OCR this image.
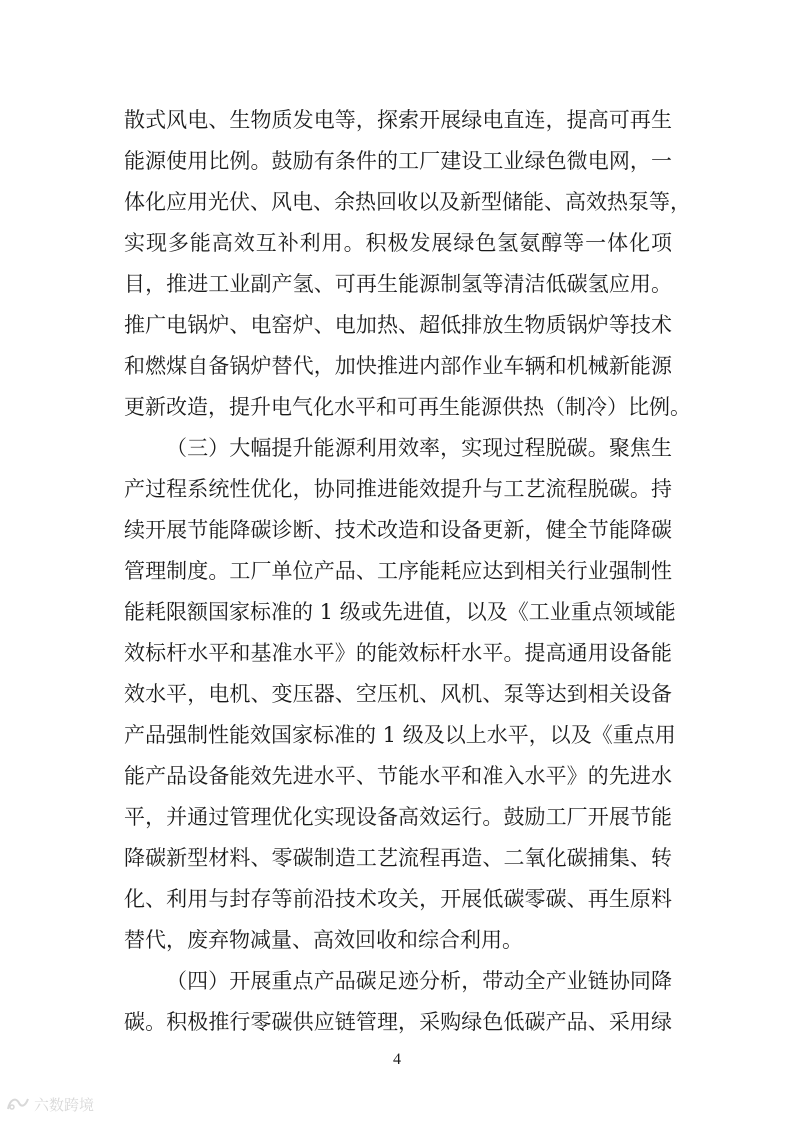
散式风电、生物质发电等，探索开展绿电直连，提高可再生
能源使用比例。鼓励有条件的工厂建设工业绿色微电网，一
体化应用光伏、风电、余热回收以及新型储能、高效热泵等，
实现多能高效互补利用。积极发展绿色氢氨醇等一体化项
目，推进工业副产氢、可再生能源制氢等清洁低碳氢应用。
推广电锅炉、电窑炉、电加热、超低排放生物质锅炉等技术
和燃煤自备锅炉替代，加快推进内部作业车辆和机械新能源
更新改造，提升电气化水平和可再生能源供热（制冷）比例。
（三）大幅提升能源利用效率，实现过程脱碳。聚焦生
产过程系统性优化，协同推进能效提升与工艺流程脱碳。持
续开展节能降碳诊断、技术改造和设备更新，健全节能降碳
管理制度。工厂单位产品、工序能耗应达到相关行业强制性
能耗限额国家标准的 1 级或先进值，以及《工业重点领域能
效标杆水平和基准水平》的能效标杆水平。提高通用设备能
效水平，电机、变压器、空压机、风机、泵等达到相关设备
产品强制性能效国家标准的 1 级及以上水平，以及《重点用
能产品设备能效先进水平、节能水平和准入水平》的先进水
平，并通过管理优化实现设备高效运行。鼓励工厂开展节能
降碳新型材料、零碳制造工艺流程再造、二氧化碳捕集、转
化、利用与封存等前沿技术攻关，开展低碳零碳、再生原料
替代，废弃物减量、高效回收和综合利用。
（四）开展重点产品碳足迹分析，带动全产业链协同降
碳。积极推行零碳供应链管理，采购绿色低碳产品、采用绿
4
六数跨境
